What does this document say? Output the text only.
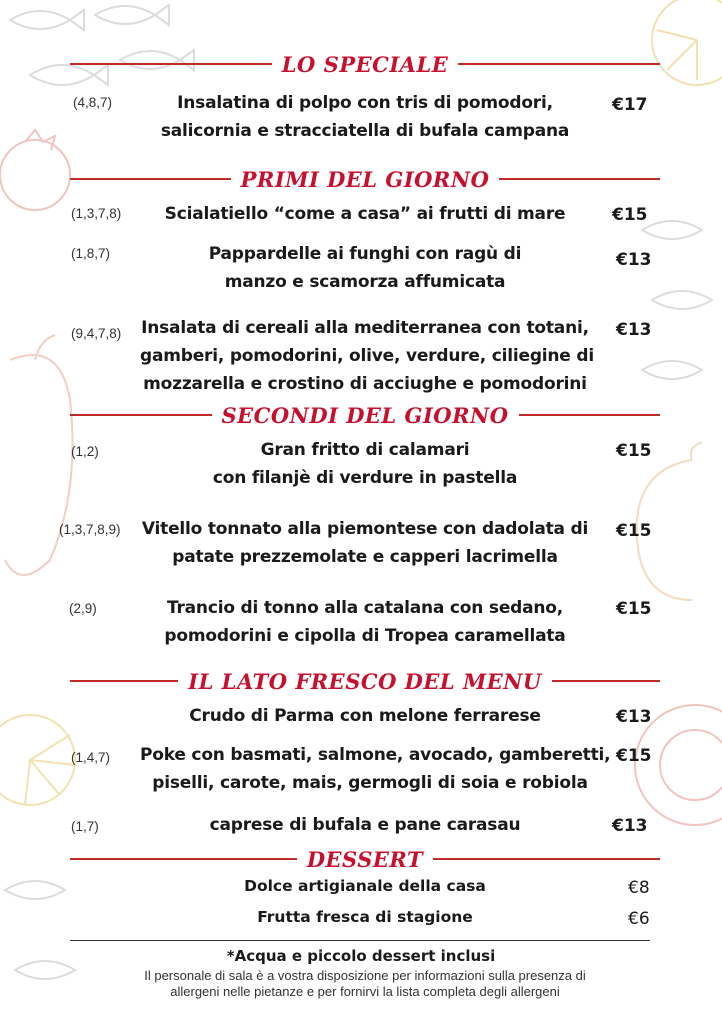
LO SPECIALE
(4,8,7)	Insalatina di polpo con tris di pomodori,
salicornia e stracciatella di bufala campana
€17
PRIMI DEL GIORNO
(1,3,7,8)	Scialatiello “come a casa” ai frutti di mare	€15
(1,8,7)	Pappardelle ai funghi con ragù di
manzo e scamorza affumicata
€13
(9,4,7,8) Insalata di cereali alla mediterranea con totani,
gamberi, pomodorini, olive, verdure, ciliegine di
mozzarella e crostino di acciughe e pomodorini
€13
SECONDI DEL GIORNO
(1,2)	Gran fritto di calamari
con filanjè di verdure in pastella
€15
(1,3,7,8,9) Vitello tonnato alla piemontese con dadolata di
patate prezzemolate e capperi lacrimella
€15
(2,9)	Trancio di tonno alla catalana con sedano,
pomodorini e cipolla di Tropea caramellata
€15
IL LATO FRESCO DEL MENU
Crudo di Parma con melone ferrarese	€13
(1,4,7) Poke con basmati, salmone, avocado, gamberetti,
piselli, carote, mais, germogli di soia e robiola
€15
(1,7)	caprese di bufala e pane carasau	€13
DESSERT
Dolce artigianale della casa	€8
Frutta fresca di stagione	€6
*Acqua e piccolo dessert inclusi
Il personale di sala è a vostra disposizione per informazioni sulla presenza di
allergeni nelle pietanze e per fornirvi la lista completa degli allergeni
